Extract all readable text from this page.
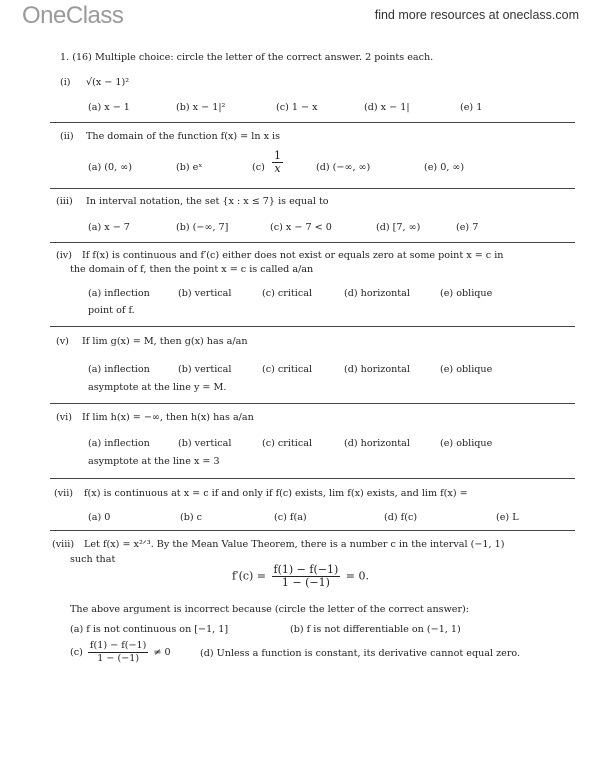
OneClass	find more resources at oneclass.com
1. (16) Multiple choice: circle the letter of the correct answer. 2 points each.
(i) √(x − 1)²
(a) x − 1	(b) x − 1|²	(c) 1 − x	(d) x − 1|	(e) 1
(ii) The domain of the function f(x) = ln x is
(a) (0, ∞)	(b) eˣ	$(c) \frac{1}{x}$	(d) (−∞, ∞)	(e) 0, ∞)
(iii) In interval notation, the set {x : x ≤ 7} is equal to
(a) x − 7	(b) (−∞, 7]	(c) x − 7 < 0	(d) [7, ∞)	(e) 7
(iv) If f(x) is continuous and f′(c) either does not exist or equals zero at some point x = c in
the domain of f, then the point x = c is called a/an
(a) inflection	(b) vertical	(c) critical	(d) horizontal	(e) oblique
point of f.
(v) If lim g(x) = M, then g(x) has a/an
(a) inflection	(b) vertical	(c) critical	(d) horizontal	(e) oblique
asymptote at the line y = M.
(vi) If lim h(x) = −∞, then h(x) has a/an
(a) inflection	(b) vertical	(c) critical	(d) horizontal	(e) oblique
asymptote at the line x = 3
(vii) f(x) is continuous at x = c if and only if f(c) exists, lim f(x) exists, and lim f(x) =
(a) 0	(b) c	(c) f(a)	(d) f(c)	(e) L
(viii) Let f(x) = x²ᐟ³. By the Mean Value Theorem, there is a number c in the interval (−1, 1)
such that
$f'(c) = \frac{f(1) - f(-1)}{1 - (-1)} = 0$.
The above argument is incorrect because (circle the letter of the correct answer):
(a) f is not continuous on [−1, 1]	(b) f is not differentiable on (−1, 1)
$(c) \frac{f(1) - f(-1)}{1 - (-1)} \ne 0$	(d) Unless a function is constant, its derivative cannot equal zero.
